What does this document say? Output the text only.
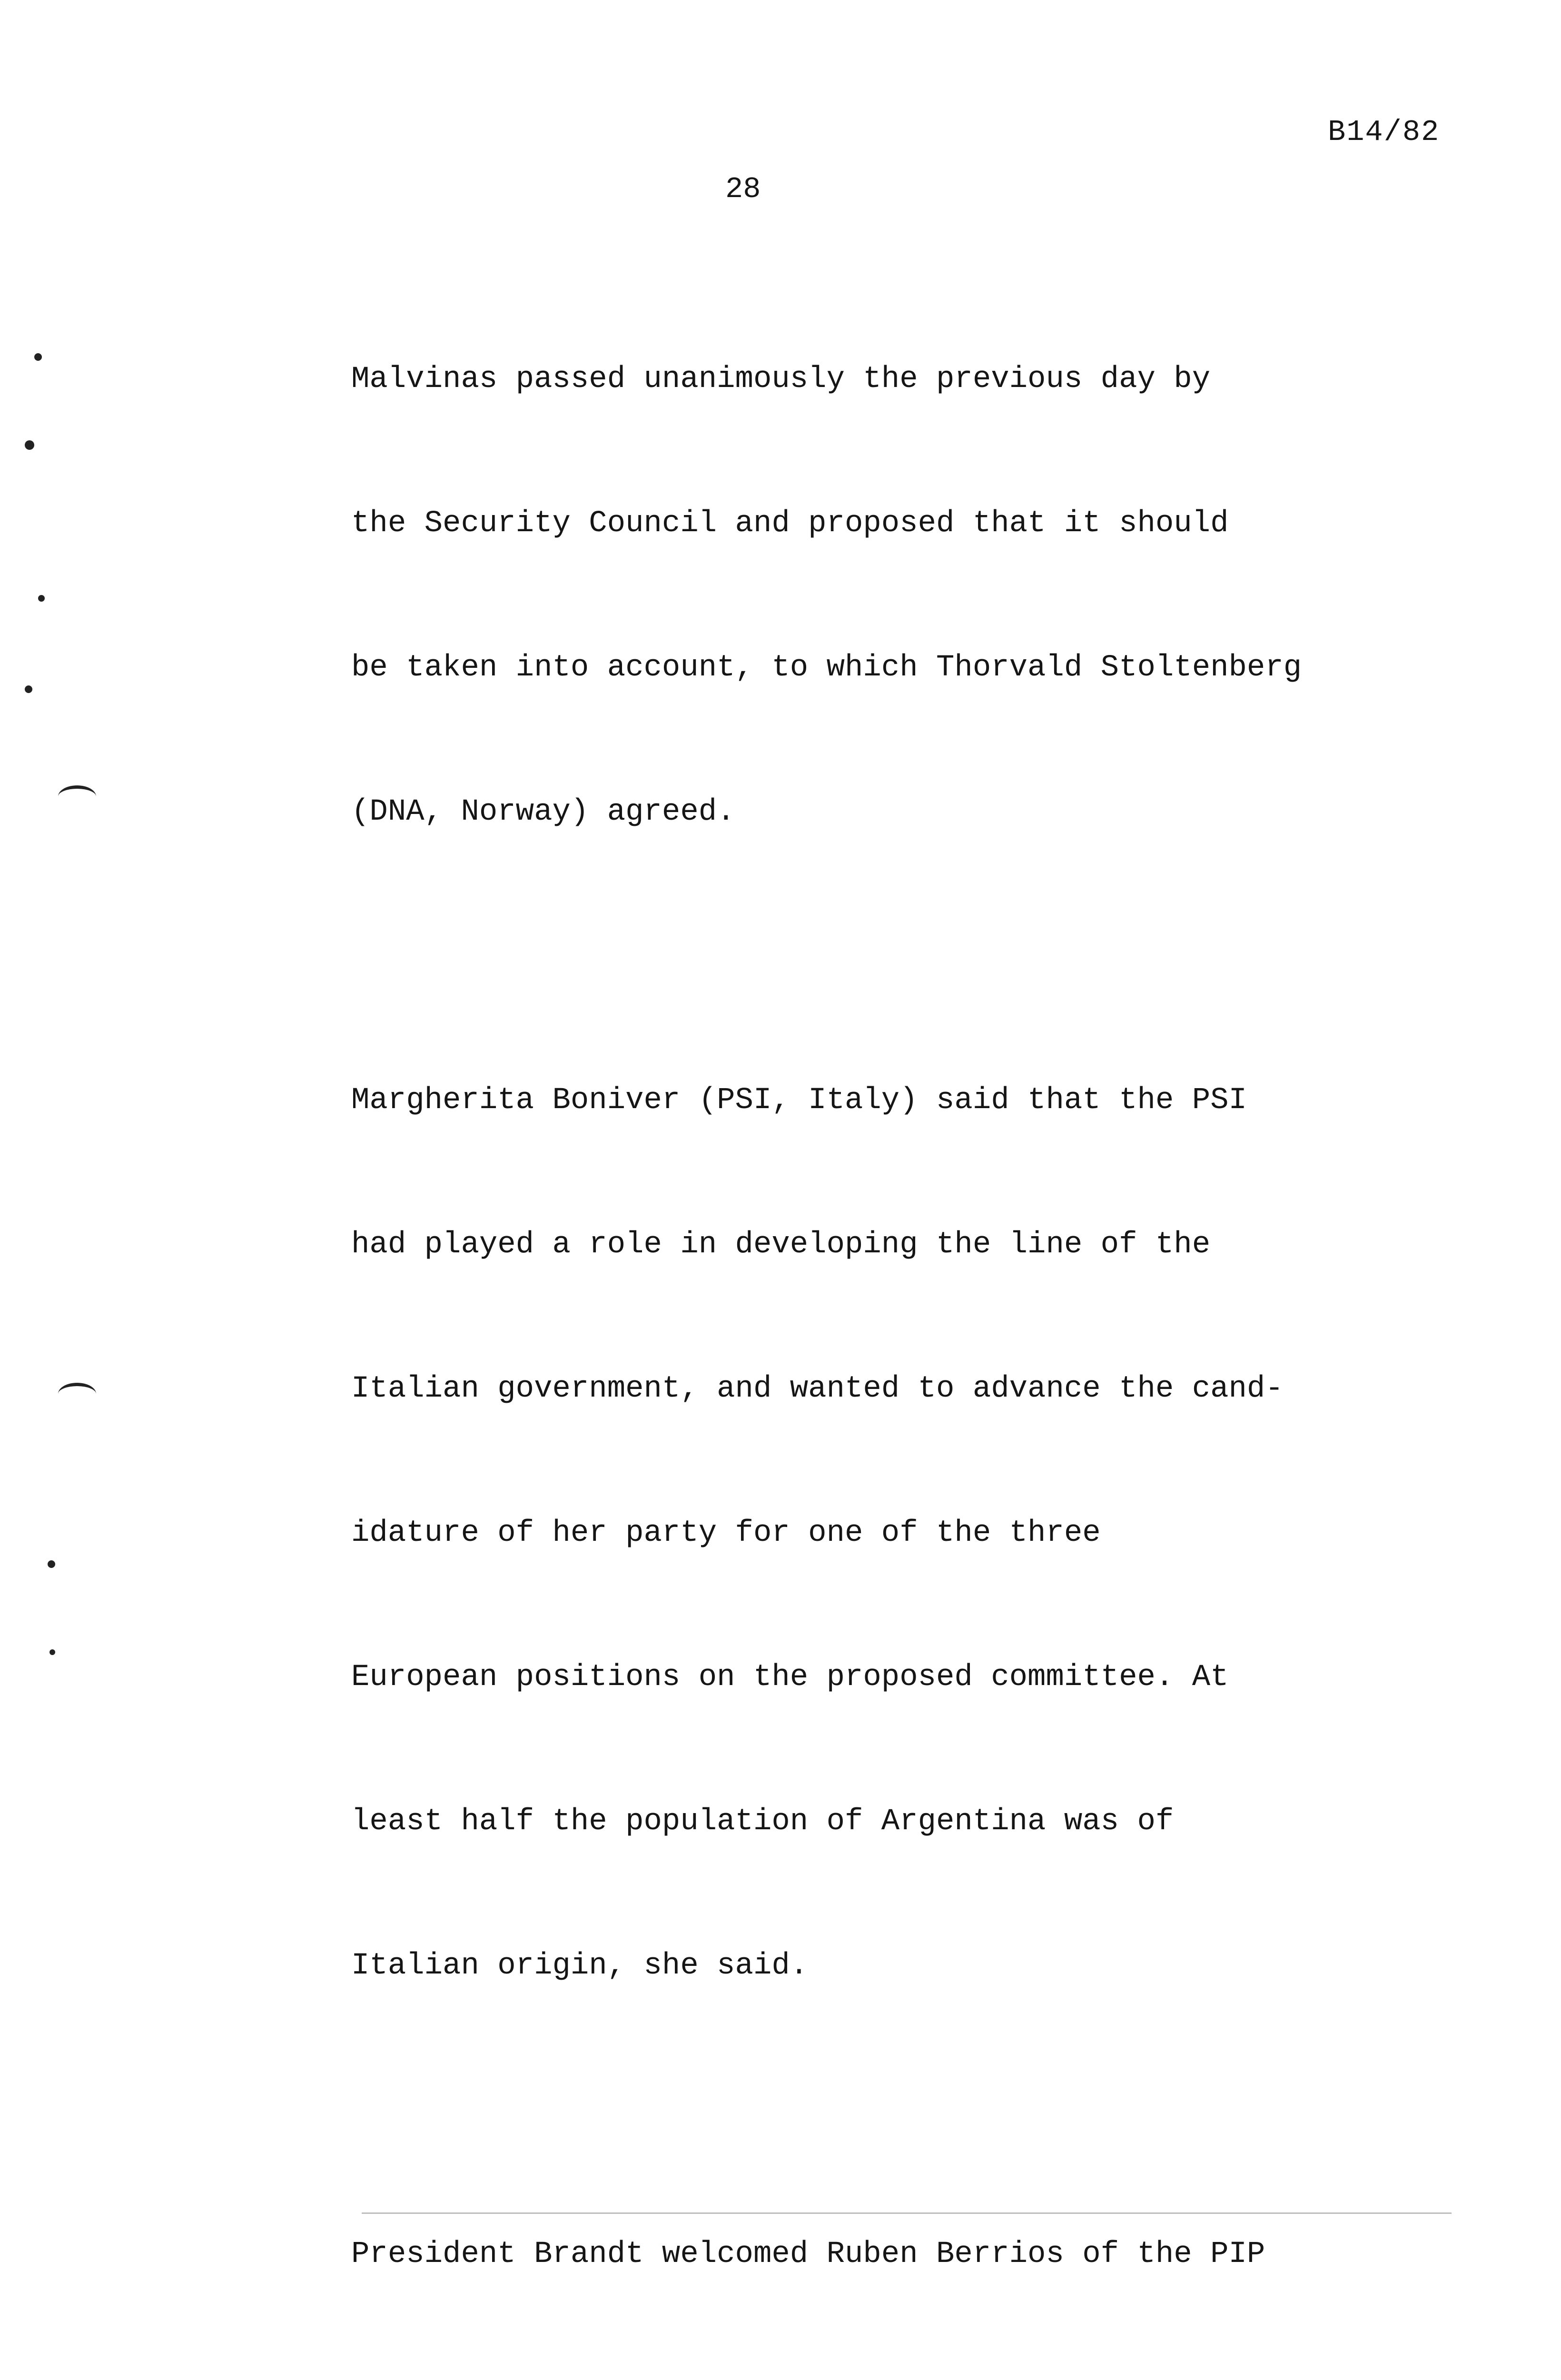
B14/82
28

Malvinas passed unanimously the previous day by

the Security Council and proposed that it should

be taken into account, to which Thorvald Stoltenberg

(DNA, Norway) agreed.

Margherita Boniver (PSI, Italy) said that the PSI

had played a role in developing the line of the

Italian government, and wanted to advance the cand-

idature of her party for one of the three

European positions on the proposed committee. At

least half the population of Argentina was of

Italian origin, she said.

President Brandt welcomed Ruben Berrios of the PIP
